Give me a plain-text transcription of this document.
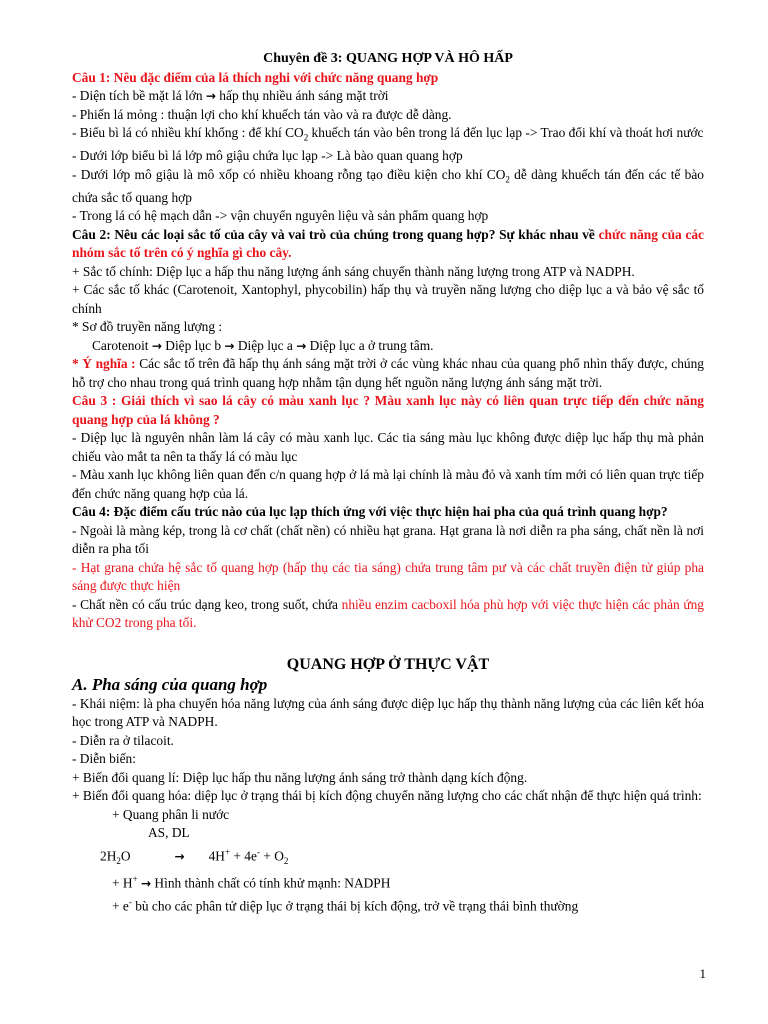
Chuyên đề 3: QUANG HỢP VÀ HÔ HẤP
Câu 1: Nêu đặc điểm của lá thích nghi với chức năng quang hợp
- Diện tích bề mặt lá lớn → hấp thụ nhiều ánh sáng mặt trời
- Phiến lá mỏng : thuận lợi cho khí khuếch tán vào và ra được dễ dàng.
- Biểu bì lá có nhiều khí khổng : để khí $CO_2$ khuếch tán vào bên trong lá đến lục lạp -> Trao đổi khí và thoát hơi nước
- Dưới lớp biểu bì lá lớp mô giậu chứa lục lạp -> Là bào quan quang hợp
- Dưới lớp mô giậu là mô xốp có nhiều khoang rỗng tạo điều kiện cho khí $CO_2$ dễ dàng khuếch tán đến các tế bào chứa sắc tố quang hợp
- Trong lá có hệ mạch dẫn -> vận chuyển nguyên liệu và sản phẩm quang hợp
Câu 2: Nêu các loại sắc tố của cây và vai trò của chúng trong quang hợp? Sự khác nhau về chức năng của các nhóm sắc tố trên có ý nghĩa gì cho cây.
+ Sắc tố chính: Diệp lục a hấp thu năng lượng ánh sáng chuyển thành năng lượng trong ATP và NADPH.
+ Các sắc tố khác (Carotenoit, Xantophyl, phycobilin) hấp thụ và truyền năng lượng cho diệp lục a và bảo vệ sắc tố chính
* Sơ đồ truyền năng lượng :
Carotenoit → Diệp lục b → Diệp lục a → Diệp lục a ở trung tâm.
* Ý nghĩa : Các sắc tố trên đã hấp thụ ánh sáng mặt trời ở các vùng khác nhau của quang phổ nhìn thấy được, chúng hỗ trợ cho nhau trong quá trình quang hợp nhằm tận dụng hết nguồn năng lượng ánh sáng mặt trời.
Câu 3 : Giải thích vì sao lá cây có màu xanh lục ? Màu xanh lục này có liên quan trực tiếp đến chức năng quang hợp của lá không ?
- Diệp lục là nguyên nhân làm lá cây có màu xanh lục. Các tia sáng màu lục không được diệp lục hấp thụ mà phản chiếu vào mắt ta nên ta thấy lá có màu lục
- Màu xanh lục không liên quan đến c/n quang hợp ở lá mà lại chính là màu đỏ và xanh tím mới có liên quan trực tiếp đến chức năng quang hợp của lá.
Câu 4: Đặc điểm cấu trúc nào của lục lạp thích ứng với việc thực hiện hai pha của quá trình quang hợp?
- Ngoài là màng kép, trong là cơ chất (chất nền) có nhiều hạt grana. Hạt grana là nơi diễn ra pha sáng, chất nền là nơi diễn ra pha tối
- Hạt grana chứa hệ sắc tố quang hợp (hấp thụ các tia sáng) chứa trung tâm pư và các chất truyền điện tử giúp pha sáng được thực hiện
- Chất nền có cấu trúc dạng keo, trong suốt, chứa nhiều enzim cacboxil hóa phù hợp với việc thực hiện các phản ứng khử CO2 trong pha tối.
QUANG HỢP Ở THỰC VẬT
A. Pha sáng của quang hợp
- Khái niệm: là pha chuyển hóa năng lượng của ánh sáng được diệp lục hấp thụ thành năng lượng của các liên kết hóa học trong ATP và NADPH.
- Diễn ra ở tilacoit.
- Diễn biến:
+ Biến đổi quang lí: Diệp lục hấp thu năng lượng ánh sáng trở thành dạng kích động.
+ Biến đổi quang hóa: diệp lục ở trạng thái bị kích động chuyển năng lượng cho các chất nhận để thực hiện quá trình:
+ Quang phân li nước
AS, DL
$2H_2O$	→ $4H^+ + 4e^- + O_2$
+ H+ → Hình thành chất có tính khử mạnh: NADPH
+ e- bù cho các phân tử diệp lục ở trạng thái bị kích động, trở về trạng thái bình thường
1
